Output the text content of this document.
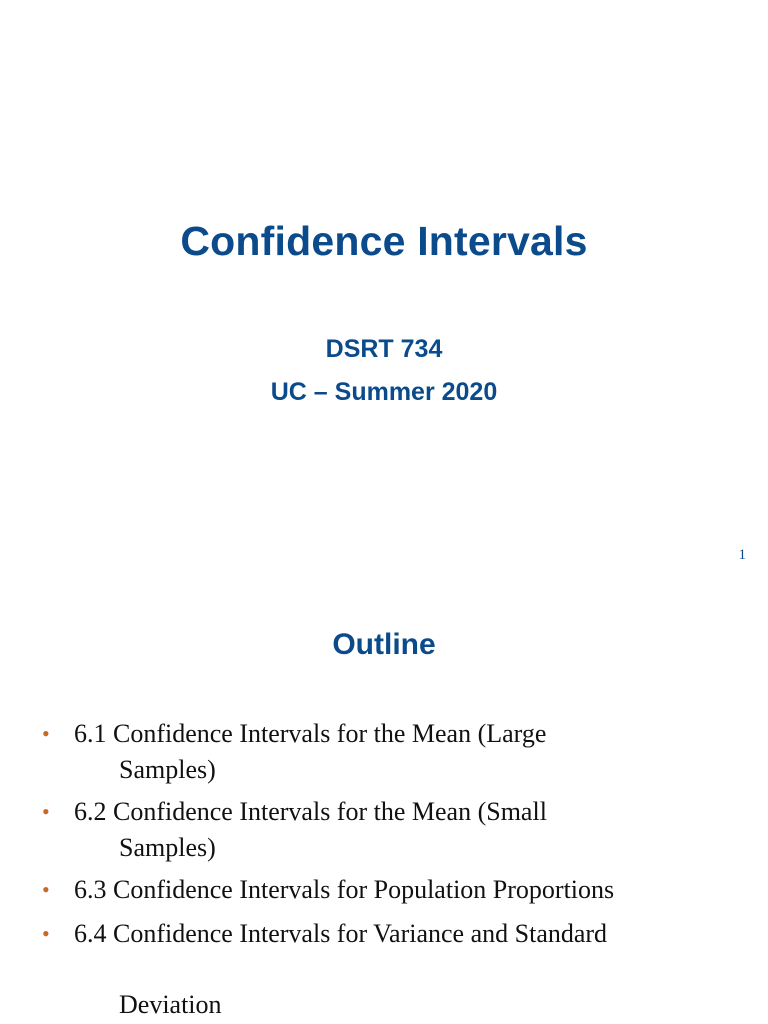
Confidence Intervals
DSRT 734
UC – Summer 2020
1
Outline
• 6.1 Confidence Intervals for the Mean (Large
Samples)
• 6.2 Confidence Intervals for the Mean (Small
Samples)
• 6.3 Confidence Intervals for Population Proportions
• 6.4 Confidence Intervals for Variance and Standard
Deviation
